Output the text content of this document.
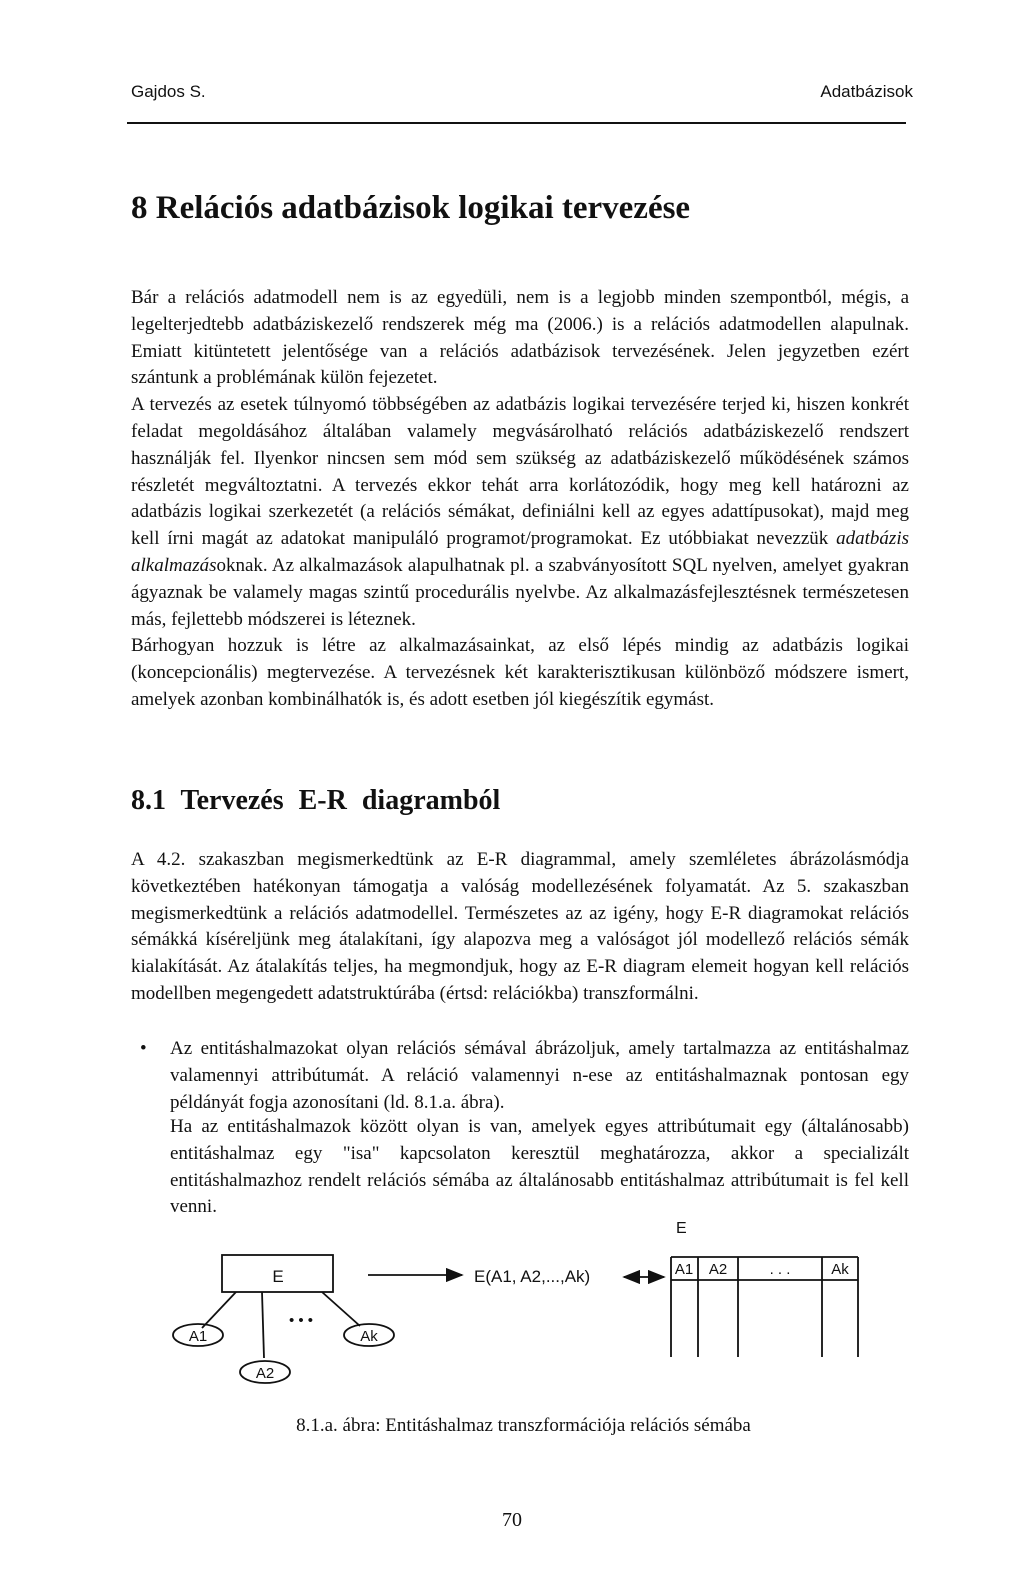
Gajdos S.	Adatbázisok
8 Relációs adatbázisok logikai tervezése

Bár a relációs adatmodell nem is az egyedüli, nem is a legjobb minden szempontból, mégis, a legelterjedtebb adatbáziskezelő rendszerek még ma (2006.) is a relációs adatmodellen alapulnak. Emiatt kitüntetett jelentősége van a relációs adatbázisok tervezésének. Jelen jegyzetben ezért szántunk a problémának külön fejezetet.

A tervezés az esetek túlnyomó többségében az adatbázis logikai tervezésére terjed ki, hiszen konkrét feladat megoldásához általában valamely megvásárolható relációs adatbáziskezelő rendszert használják fel. Ilyenkor nincsen sem mód sem szükség az adatbáziskezelő működésének számos részletét megváltoztatni. A tervezés ekkor tehát arra korlátozódik, hogy meg kell határozni az adatbázis logikai szerkezetét (a relációs sémákat, definiálni kell az egyes adattípusokat), majd meg kell írni magát az adatokat manipuláló programot/programokat. Ez utóbbiakat nevezzük adatbázis alkalmazásoknak. Az alkalmazások alapulhatnak pl. a szabványosított SQL nyelven, amelyet gyakran ágyaznak be valamely magas szintű procedurális nyelvbe. Az alkalmazásfejlesztésnek természetesen más, fejlettebb módszerei is léteznek.

Bárhogyan hozzuk is létre az alkalmazásainkat, az első lépés mindig az adatbázis logikai (koncepcionális) megtervezése. A tervezésnek két karakterisztikusan különböző módszere ismert, amelyek azonban kombinálhatók is, és adott esetben jól kiegészítik egymást.

8.1 Tervezés E-R diagramból

A 4.2. szakaszban megismerkedtünk az E-R diagrammal, amely szemléletes ábrázolásmódja következtében hatékonyan támogatja a valóság modellezésének folyamatát. Az 5. szakaszban megismerkedtünk a relációs adatmodellel. Természetes az az igény, hogy E-R diagramokat relációs sémákká kíséreljünk meg átalakítani, így alapozva meg a valóságot jól modellező relációs sémák kialakítását. Az átalakítás teljes, ha megmondjuk, hogy az E-R diagram elemeit hogyan kell relációs modellben megengedett adatstruktúrába (értsd: relációkba) transzformálni.

• Az entitáshalmazokat olyan relációs sémával ábrázoljuk, amely tartalmazza az entitáshalmaz valamennyi attribútumát. A reláció valamennyi n-ese az entitáshalmaznak pontosan egy példányát fogja azonosítani (ld. 8.1.a. ábra).
Ha az entitáshalmazok között olyan is van, amelyek egyes attribútumait egy (általánosabb) entitáshalmaz egy "isa" kapcsolaton keresztül meghatározza, akkor a specializált entitáshalmazhoz rendelt relációs sémába az általánosabb entitáshalmaz attribútumait is fel kell venni.
E
A1
A2
Ak
• • •
E(A1, A2,...,Ak)
E
A1 A2	. . .	Ak
8.1.a. ábra: Entitáshalmaz transzformációja relációs sémába
70
